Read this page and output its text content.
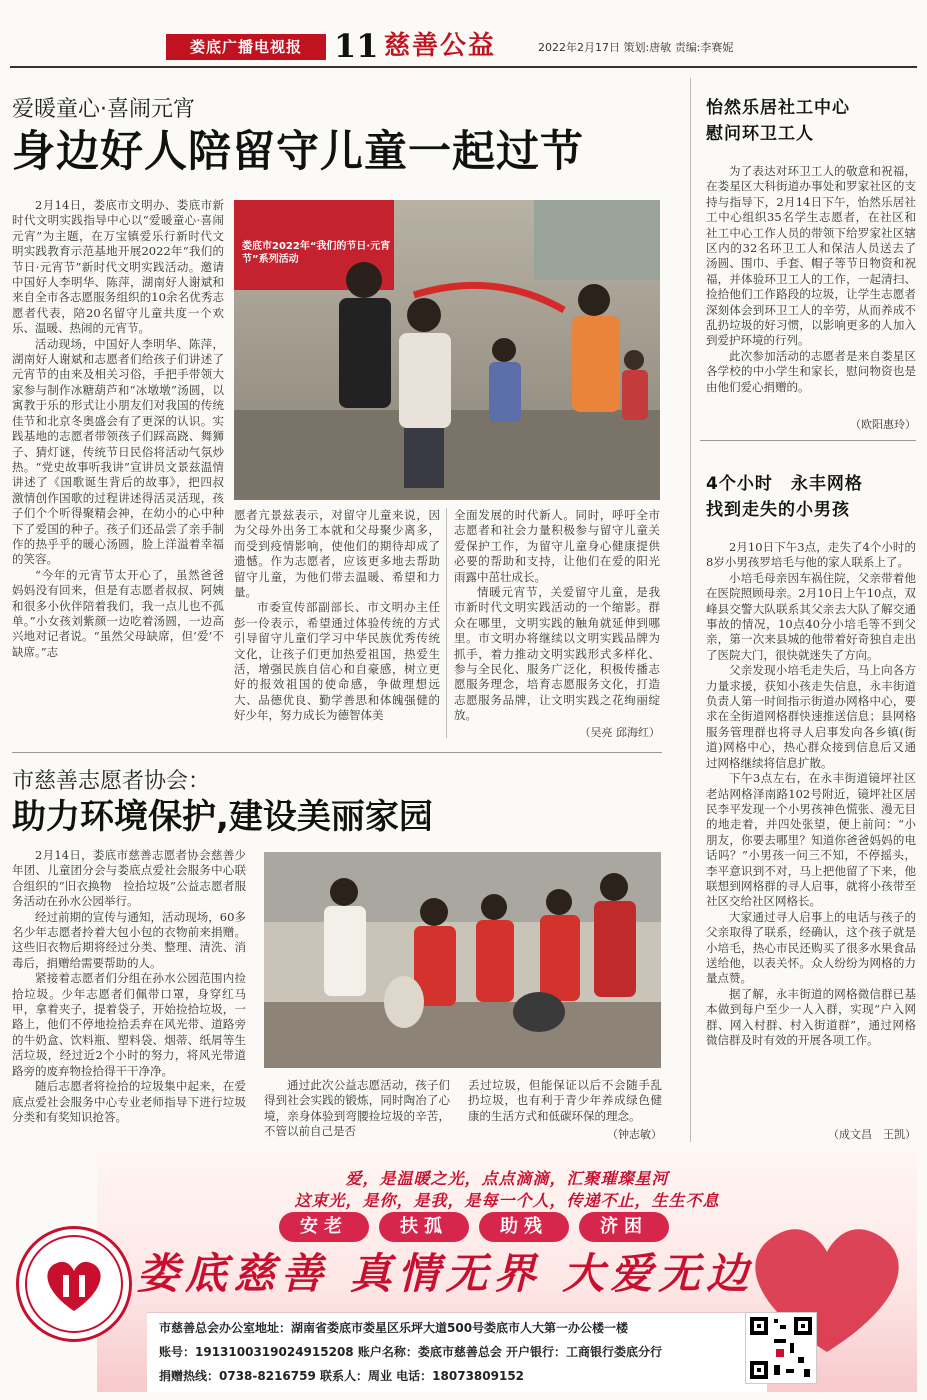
娄底广播电视报	11 慈善公益	2022年2月17日 策划:唐敏 责编:李赛妮
爱暖童心·喜闹元宵
身边好人陪留守儿童一起过节

2月14日，娄底市文明办、娄底市新时代文明实践指导中心以“爱暖童心·喜闹元宵”为主题，在万宝镇爱乐行新时代文明实践教育示范基地开展2022年“我们的节日·元宵节”新时代文明实践活动。邀请中国好人李明华、陈萍，湖南好人谢斌和来自全市各志愿服务组织的10余名优秀志愿者代表，陪20名留守儿童共度一个欢乐、温暖、热闹的元宵节。

活动现场，中国好人李明华、陈萍，湖南好人谢斌和志愿者们给孩子们讲述了元宵节的由来及相关习俗，手把手带领大家参与制作冰糖葫芦和“冰墩墩”汤圆，以寓教于乐的形式让小朋友们对我国的传统佳节和北京冬奥盛会有了更深的认识。实践基地的志愿者带领孩子们踩高跷、舞狮子、猜灯谜，传统节日民俗将活动气氛炒热。“党史故事听我讲”宣讲员文景兹温情讲述了《国歌诞生背后的故事》，把四叔激情创作国歌的过程讲述得活灵活现，孩子们个个听得聚精会神，在幼小的心中种下了爱国的种子。孩子们还品尝了亲手制作的热乎乎的暖心汤圆，脸上洋溢着幸福的笑容。

“今年的元宵节太开心了，虽然爸爸妈妈没有回来，但是有志愿者叔叔、阿姨和很多小伙伴陪着我们，我一点儿也不孤单。”小女孩刘紫颜一边吃着汤圆，一边高兴地对记者说。“虽然父母缺席，但‘爱’不缺席。”志

娄底市2022年“我们的节日·元宵节”系列活动

愿者亢景兹表示，对留守儿童来说，因为父母外出务工本就和父母聚少离多，而受到疫情影响，使他们的期待却成了遗憾。作为志愿者，应该更多地去帮助留守儿童，为他们带去温暖、希望和力量。

市委宣传部副部长、市文明办主任彭一伶表示，希望通过体验传统的方式引导留守儿童们学习中华民族优秀传统文化，让孩子们更加热爱祖国，热爱生活，增强民族自信心和自豪感，树立更好的报效祖国的使命感，争做理想远大、品德优良、勤学善思和体魄强健的好少年，努力成长为德智体美

全面发展的时代新人。同时，呼吁全市志愿者和社会力量积极参与留守儿童关爱保护工作，为留守儿童身心健康提供必要的帮助和支持，让他们在爱的阳光雨露中茁壮成长。

情暖元宵节，关爱留守儿童，是我市新时代文明实践活动的一个缩影。群众在哪里，文明实践的触角就延伸到哪里。市文明办将继续以文明实践品牌为抓手，着力推动文明实践形式多样化、参与全民化、服务广泛化，积极传播志愿服务理念，培育志愿服务文化，打造志愿服务品牌，让文明实践之花绚丽绽放。

（吴亮 邱海红）
市慈善志愿者协会：
助力环境保护,建设美丽家园

2月14日，娄底市慈善志愿者协会慈善少年团、儿童团分会与娄底点爱社会服务中心联合组织的“旧衣换物　捡拾垃圾”公益志愿者服务活动在孙水公园举行。

经过前期的宣传与通知，活动现场，60多名少年志愿者拎着大包小包的衣物前来捐赠。这些旧衣物后期将经过分类、整理、清洗、消毒后，捐赠给需要帮助的人。

紧接着志愿者们分组在孙水公园范围内捡拾垃圾。少年志愿者们佩带口罩，身穿红马甲，拿着夹子，提着袋子，开始捡拾垃圾，一路上，他们不停地捡拾丢弃在风光带、道路旁的牛奶盒、饮料瓶、塑料袋、烟蒂、纸屑等生活垃圾，经过近2个小时的努力，将风光带道路旁的废弃物捡拾得干干净净。

随后志愿者将捡拾的垃圾集中起来，在爱底点爱社会服务中心专业老师指导下进行垃圾分类和有奖知识抢答。

通过此次公益志愿活动，孩子们得到社会实践的锻炼，同时陶冶了心境，亲身体验到弯腰捡垃圾的辛苦，不管以前自己是否

丢过垃圾，但能保证以后不会随手乱扔垃圾，也有利于青少年养成绿色健康的生活方式和低碳环保的理念。

（钟志敏）
怡然乐居社工中心
慰问环卫工人

为了表达对环卫工人的敬意和祝福，在娄星区大科街道办事处和罗家社区的支持与指导下，2月14日下午，怡然乐居社工中心组织35名学生志愿者，在社区和社工中心工作人员的带领下给罗家社区辖区内的32名环卫工人和保洁人员送去了汤圆、围巾、手套、帽子等节日物资和祝福，并体验环卫工人的工作，一起清扫、捡拾他们工作路段的垃圾，让学生志愿者深刻体会到环卫工人的辛劳，从而养成不乱扔垃圾的好习惯，以影响更多的人加入到爱护环境的行列。

此次参加活动的志愿者是来自娄星区各学校的中小学生和家长，慰问物资也是由他们爱心捐赠的。

（欧阳惠玲）
4个小时　永丰网格
找到走失的小男孩

2月10日下午3点，走失了4个小时的8岁小男孩罗培毛与他的家人联系上了。

小培毛母亲因车祸住院，父亲带着他在医院照顾母亲。2月10日上午10点，双峰县交警大队联系其父亲去大队了解交通事故的情况，10点40分小培毛等不到父亲，第一次来县城的他带着好奇独自走出了医院大门，很快就迷失了方向。

父亲发现小培毛走失后，马上向各方力量求援，获知小孩走失信息，永丰街道负责人第一时间指示街道办网格中心，要求在全街道网格群快速推送信息；县网格服务管理群也将寻人启事发向各乡镇(街道)网格中心，热心群众接到信息后又通过网格继续将信息扩散。

下午3点左右，在永丰街道镜坪社区老站网格泽南路102号附近，镜坪社区居民李平发现一个小男孩神色慌张、漫无目的地走着，并四处张望，便上前问：“小朋友，你要去哪里？知道你爸爸妈妈的电话吗？”小男孩一问三不知，不停摇头，李平意识到不对，马上把他留了下来，他联想到网格群的寻人启事，就将小孩带至社区交给社区网格长。

大家通过寻人启事上的电话与孩子的父亲取得了联系，经确认，这个孩子就是小培毛，热心市民还购买了很多水果食品送给他，以表关怀。众人纷纷为网格的力量点赞。

据了解，永丰街道的网格微信群已基本做到每户至少一人入群，实现“户入网群、网入村群、村入街道群”，通过网格微信群及时有效的开展各项工作。

（成文昌　王凯）
爱，是温暖之光，点点滴滴，汇聚璀璨星河
这束光，是你，是我，是每一个人，传递不止，生生不息
安老	扶孤	助残	济困
娄底慈善 真情无界 大爱无边
市慈善总会办公室地址：湖南省娄底市娄星区乐坪大道500号娄底市人大第一办公楼一楼
账号：1913100319024915208 账户名称：娄底市慈善总会 开户银行：工商银行娄底分行
捐赠热线：0738-8216759 联系人：周业 电话：18073809152
